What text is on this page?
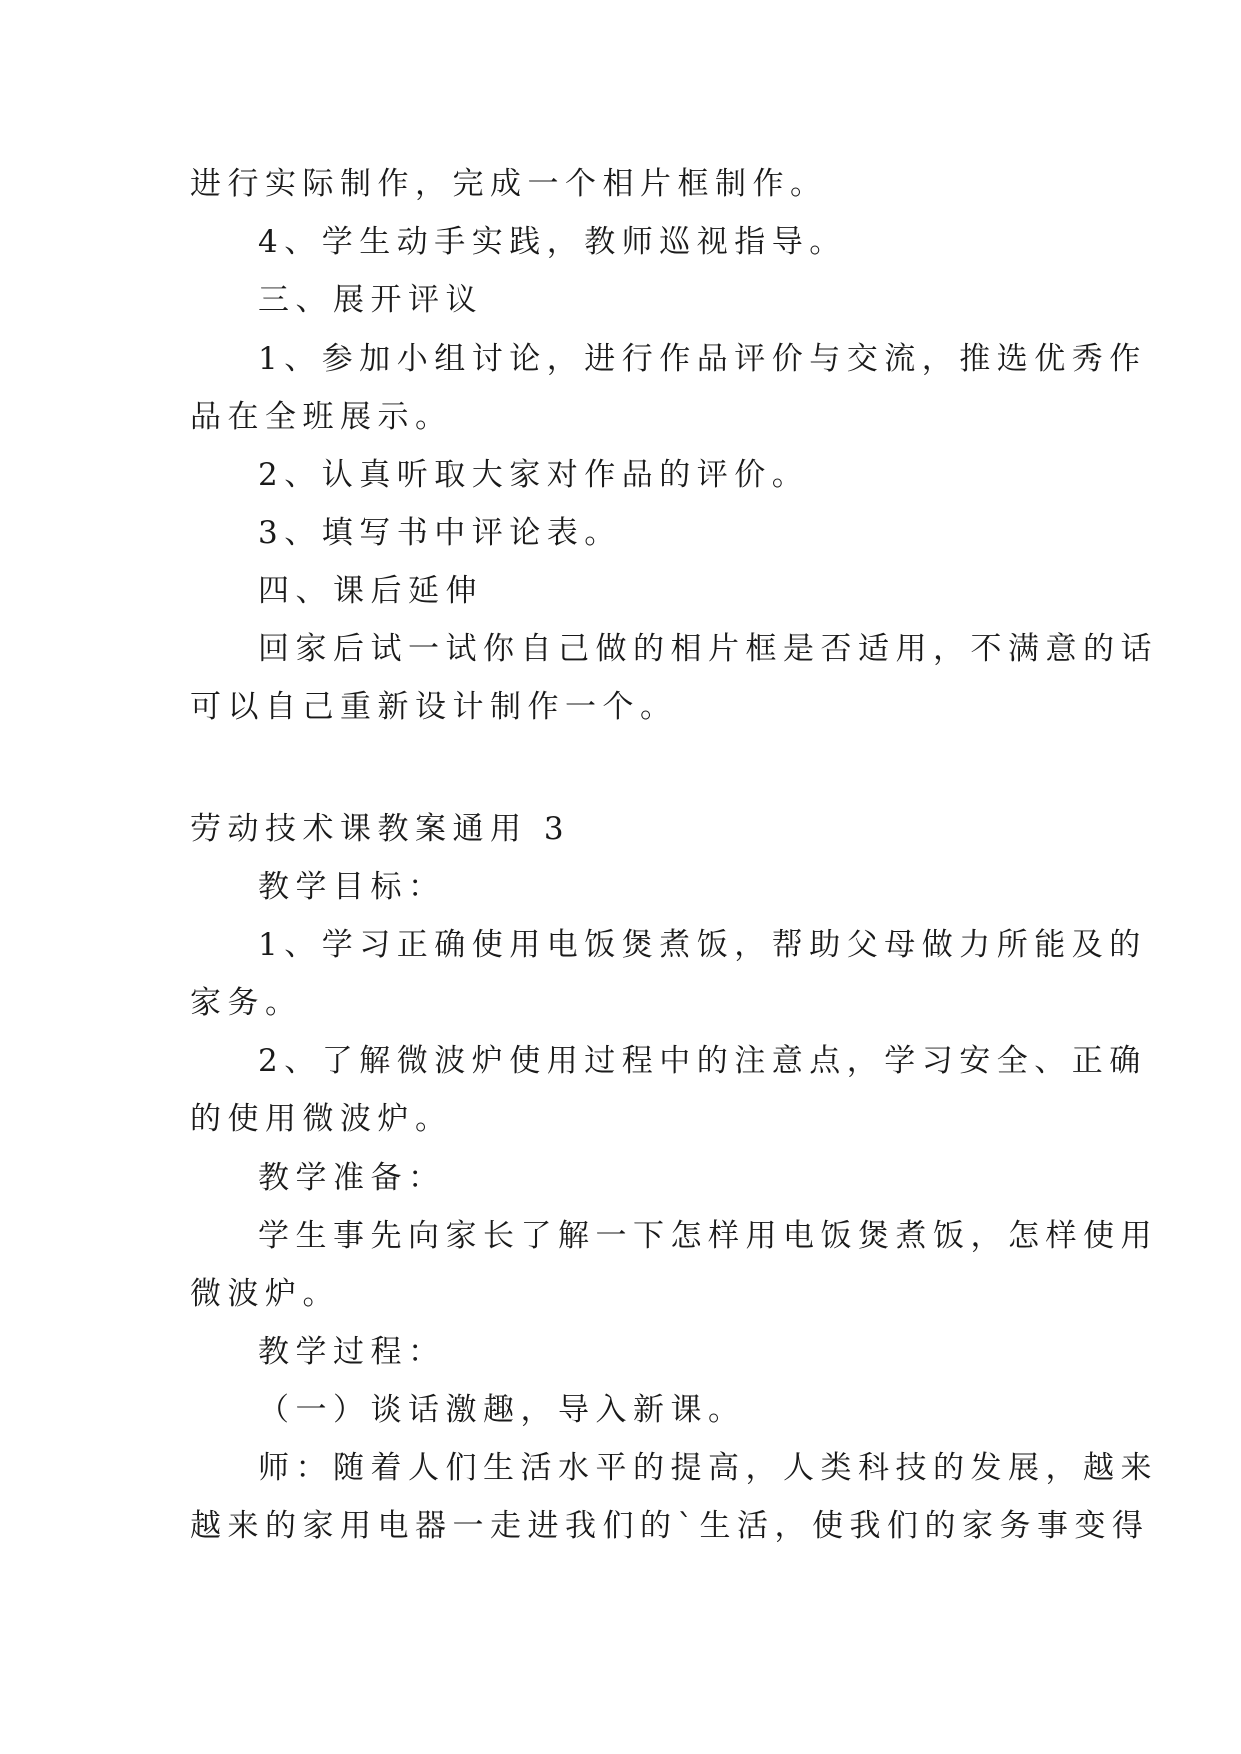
进行实际制作，完成一个相片框制作。
4、学生动手实践，教师巡视指导。
三、展开评议
1、参加小组讨论，进行作品评价与交流，推选优秀作
品在全班展示。
2、认真听取大家对作品的评价。
3、填写书中评论表。
四、课后延伸
回家后试一试你自己做的相片框是否适用，不满意的话
可以自己重新设计制作一个。
劳动技术课教案通用 3
教学目标：
1、学习正确使用电饭煲煮饭，帮助父母做力所能及的
家务。
2、了解微波炉使用过程中的注意点，学习安全、正确
的使用微波炉。
教学准备：
学生事先向家长了解一下怎样用电饭煲煮饭，怎样使用
微波炉。
教学过程：
（一）谈话激趣，导入新课。
师：随着人们生活水平的提高，人类科技的发展，越来
越来的家用电器一走进我们的`生活，使我们的家务事变得
